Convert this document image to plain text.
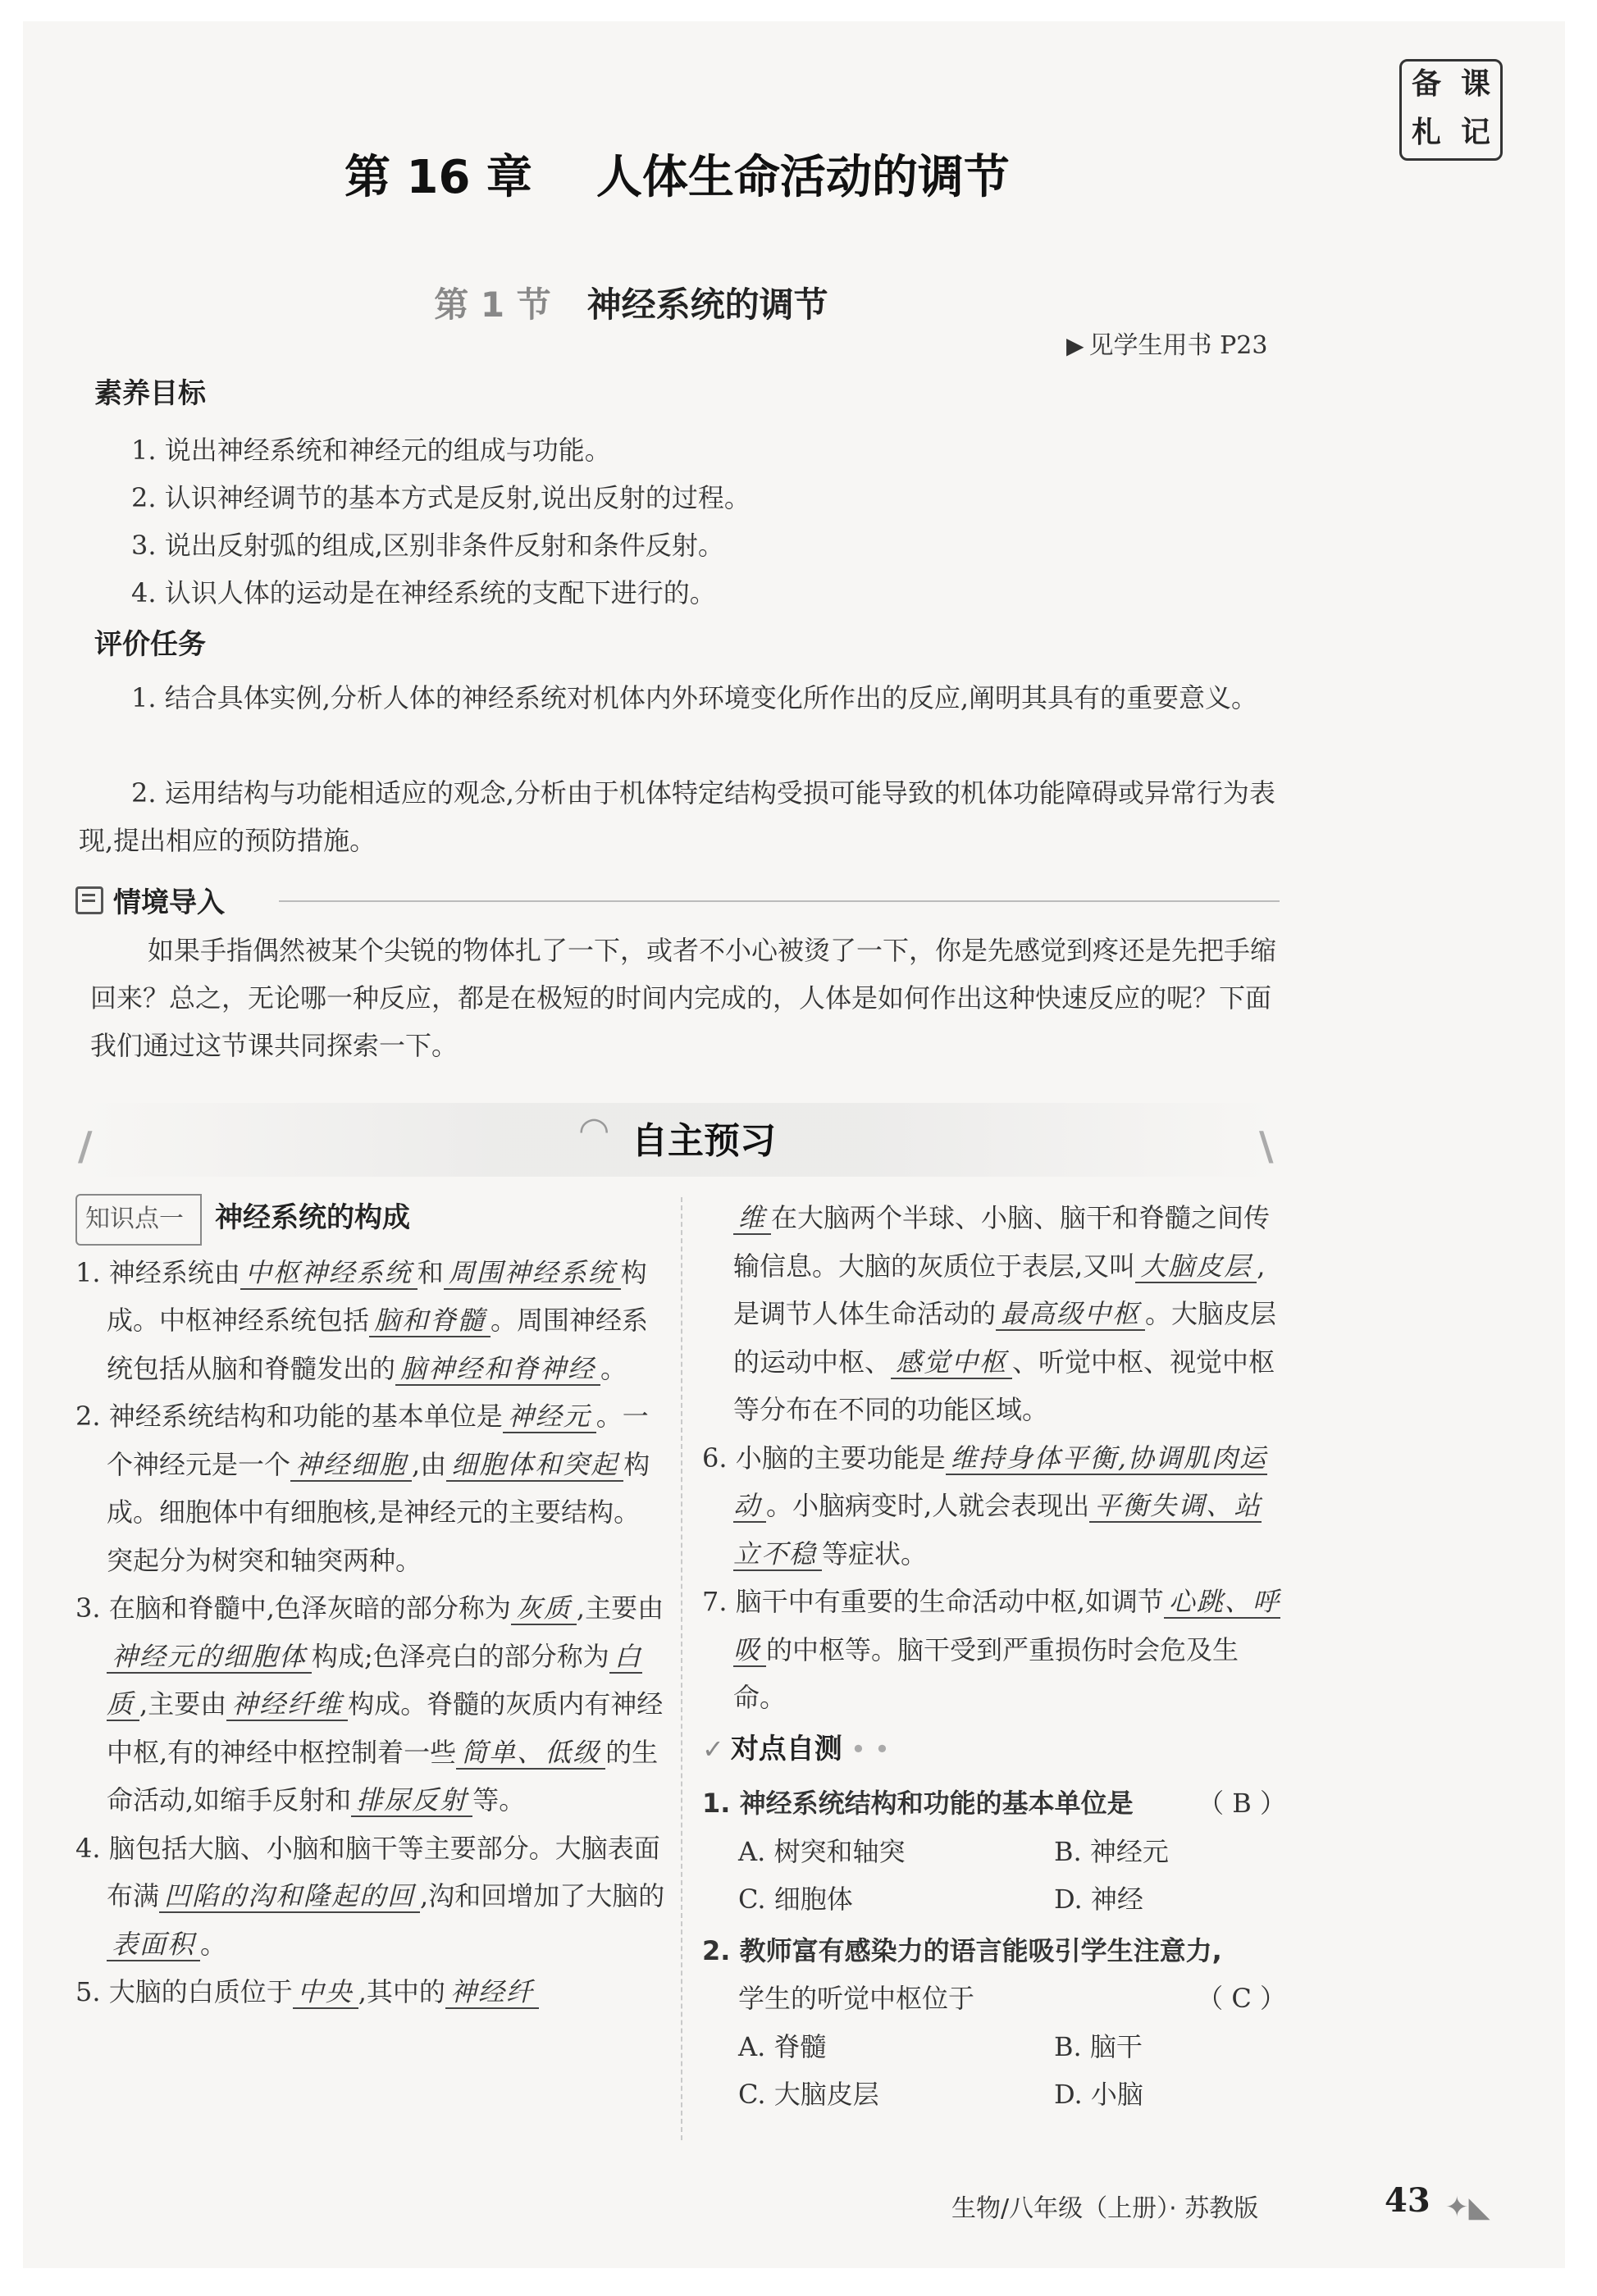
备 课
札 记
第 16 章    人体生命活动的调节

第 1 节 神经系统的调节

▶ 见学生用书 P23
素养目标
1. 说出神经系统和神经元的组成与功能。
2. 认识神经调节的基本方式是反射,说出反射的过程。
3. 说出反射弧的组成,区别非条件反射和条件反射。
4. 认识人体的运动是在神经系统的支配下进行的。
评价任务
1. 结合具体实例,分析人体的神经系统对机体内外环境变化所作出的反应,阐明其具有的重要意义。
2. 运用结构与功能相适应的观念,分析由于机体特定结构受损可能导致的机体功能障碍或异常行为表现,提出相应的预防措施。
情境导入
如果手指偶然被某个尖锐的物体扎了一下，或者不小心被烫了一下，你是先感觉到疼还是先把手缩回来？总之，无论哪一种反应，都是在极短的时间内完成的，人体是如何作出这种快速反应的呢？下面我们通过这节课共同探索一下。
/	\
◠ 自主预习

知识点一 神经系统的构成

1. 神经系统由 中枢神经系统 和 周围神经系统 构成。中枢神经系统包括 脑和脊髓 。周围神经系统包括从脑和脊髓发出的 脑神经和脊神经 。

2. 神经系统结构和功能的基本单位是 神经元 。一个神经元是一个 神经细胞 ,由 细胞体和突起 构成。细胞体中有细胞核,是神经元的主要结构。突起分为树突和轴突两种。

3. 在脑和脊髓中,色泽灰暗的部分称为 灰质 ,主要由神经元的细胞体 构成;色泽亮白的部分称为 白质 ,主要由 神经纤维 构成。脊髓的灰质内有神经中枢,有的神经中枢控制着一些 简单、低级 的生命活动,如缩手反射和 排尿反射 等。

4. 脑包括大脑、小脑和脑干等主要部分。大脑表面布满 凹陷的沟和隆起的回 ,沟和回增加了大脑的表面积 。

5. 大脑的白质位于 中央 ,其中的 神经纤

维 在大脑两个半球、小脑、脑干和脊髓之间传输信息。大脑的灰质位于表层,又叫 大脑皮层 ,是调节人体生命活动的 最高级中枢 。大脑皮层的运动中枢、 感觉中枢 、听觉中枢、视觉中枢等分布在不同的功能区域。

6. 小脑的主要功能是 维持身体平衡,协调肌肉运动 。小脑病变时,人就会表现出 平衡失调、站立不稳 等症状。

7. 脑干中有重要的生命活动中枢,如调节 心跳、呼吸 的中枢等。脑干受到严重损伤时会危及生命。

✓ 对点自测 • •

1. 神经系统结构和功能的基本单位是 （ B ）

A. 树突和轴突	B. 神经元
C. 细胞体	D. 神经

2. 教师富有感染力的语言能吸引学生注意力,

学生的听觉中枢位于	（ C ）

A. 脊髓	B. 脑干
C. 大脑皮层	D. 小脑
生物/八年级（上册）· 苏教版	43 ✦◣
